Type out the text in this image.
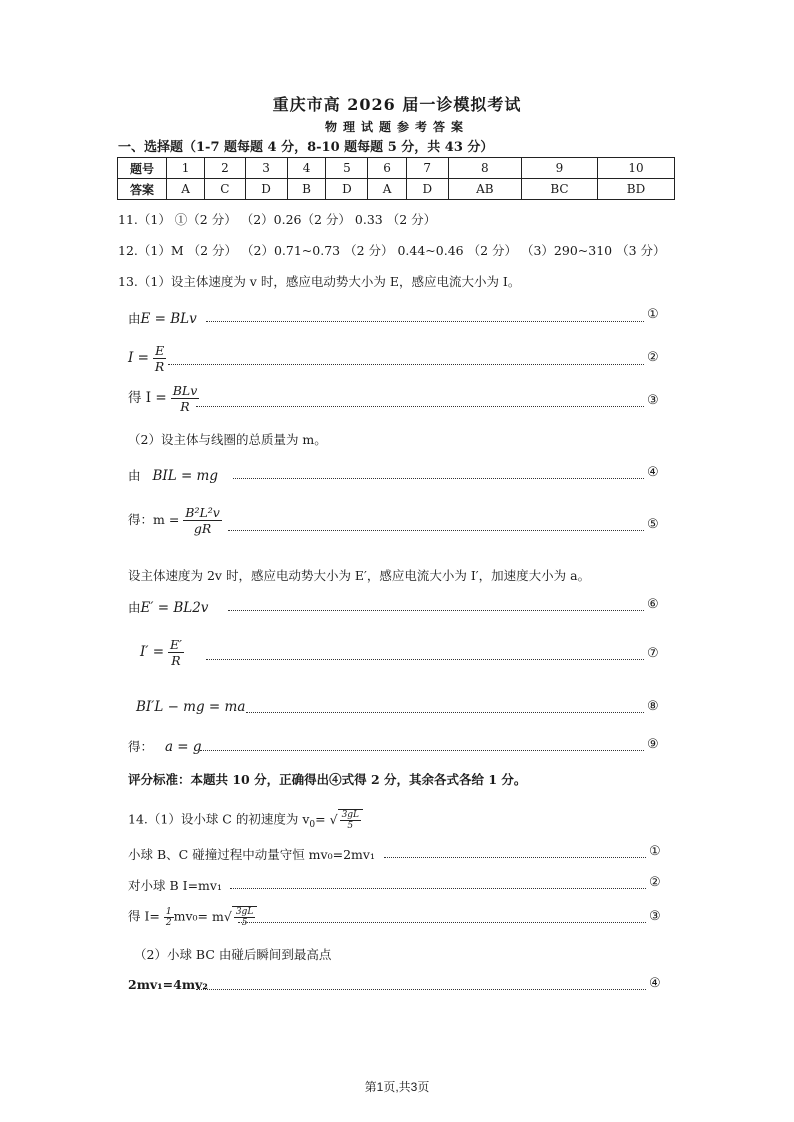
重庆市高 2026 届一诊模拟考试
物理试题参考答案
一、选择题（1-7 题每题 4 分，8-10 题每题 5 分，共 43 分）
题号	1	2	3	4	5	6	7	8	9	10
答案	A	C	D	B	D	A	D	AB	BC	BD
11.（1） ①（2 分） （2）0.26（2 分） 0.33 （2 分）
12.（1）M （2 分） （2）0.71~0.73 （2 分） 0.44~0.46 （2 分） （3）290~310 （3 分）
13.（1）设主体速度为 v 时，感应电动势大小为 E，感应电流大小为 I。
由E = BLv	①
$I = \frac{E}{R}$	②
得 $I = \frac{\text{BLv}}{R}$	③
（2）设主体与线圈的总质量为 m。
由 BIL = mg	④
得：$m = \frac{\text{B²L²v}}{gR}$	⑤
设主体速度为 2v 时，感应电动势大小为 E′，感应电流大小为 I′，加速度大小为 a。
由E′ = BL2v	⑥
$I' = \frac{E'}{R}$	⑦
BI′L − mg = ma	⑧
得： a = g	⑨
评分标准：本题共 10 分，正确得出④式得 2 分，其余各式各给 1 分。
14.（1）设小球 C 的初速度为 $v_0=$ √ $\frac{3gL}{5}$
小球 B、C 碰撞过程中动量守恒 mv₀=2mv₁	①
对小球 B I=mv₁	②
得 $I= \frac{1}{2} mv_0= m√ \frac{3gL}{5}$	③
（2）小球 BC 由碰后瞬间到最高点
2mv₁=4mv₂	④
第1页,共3页
